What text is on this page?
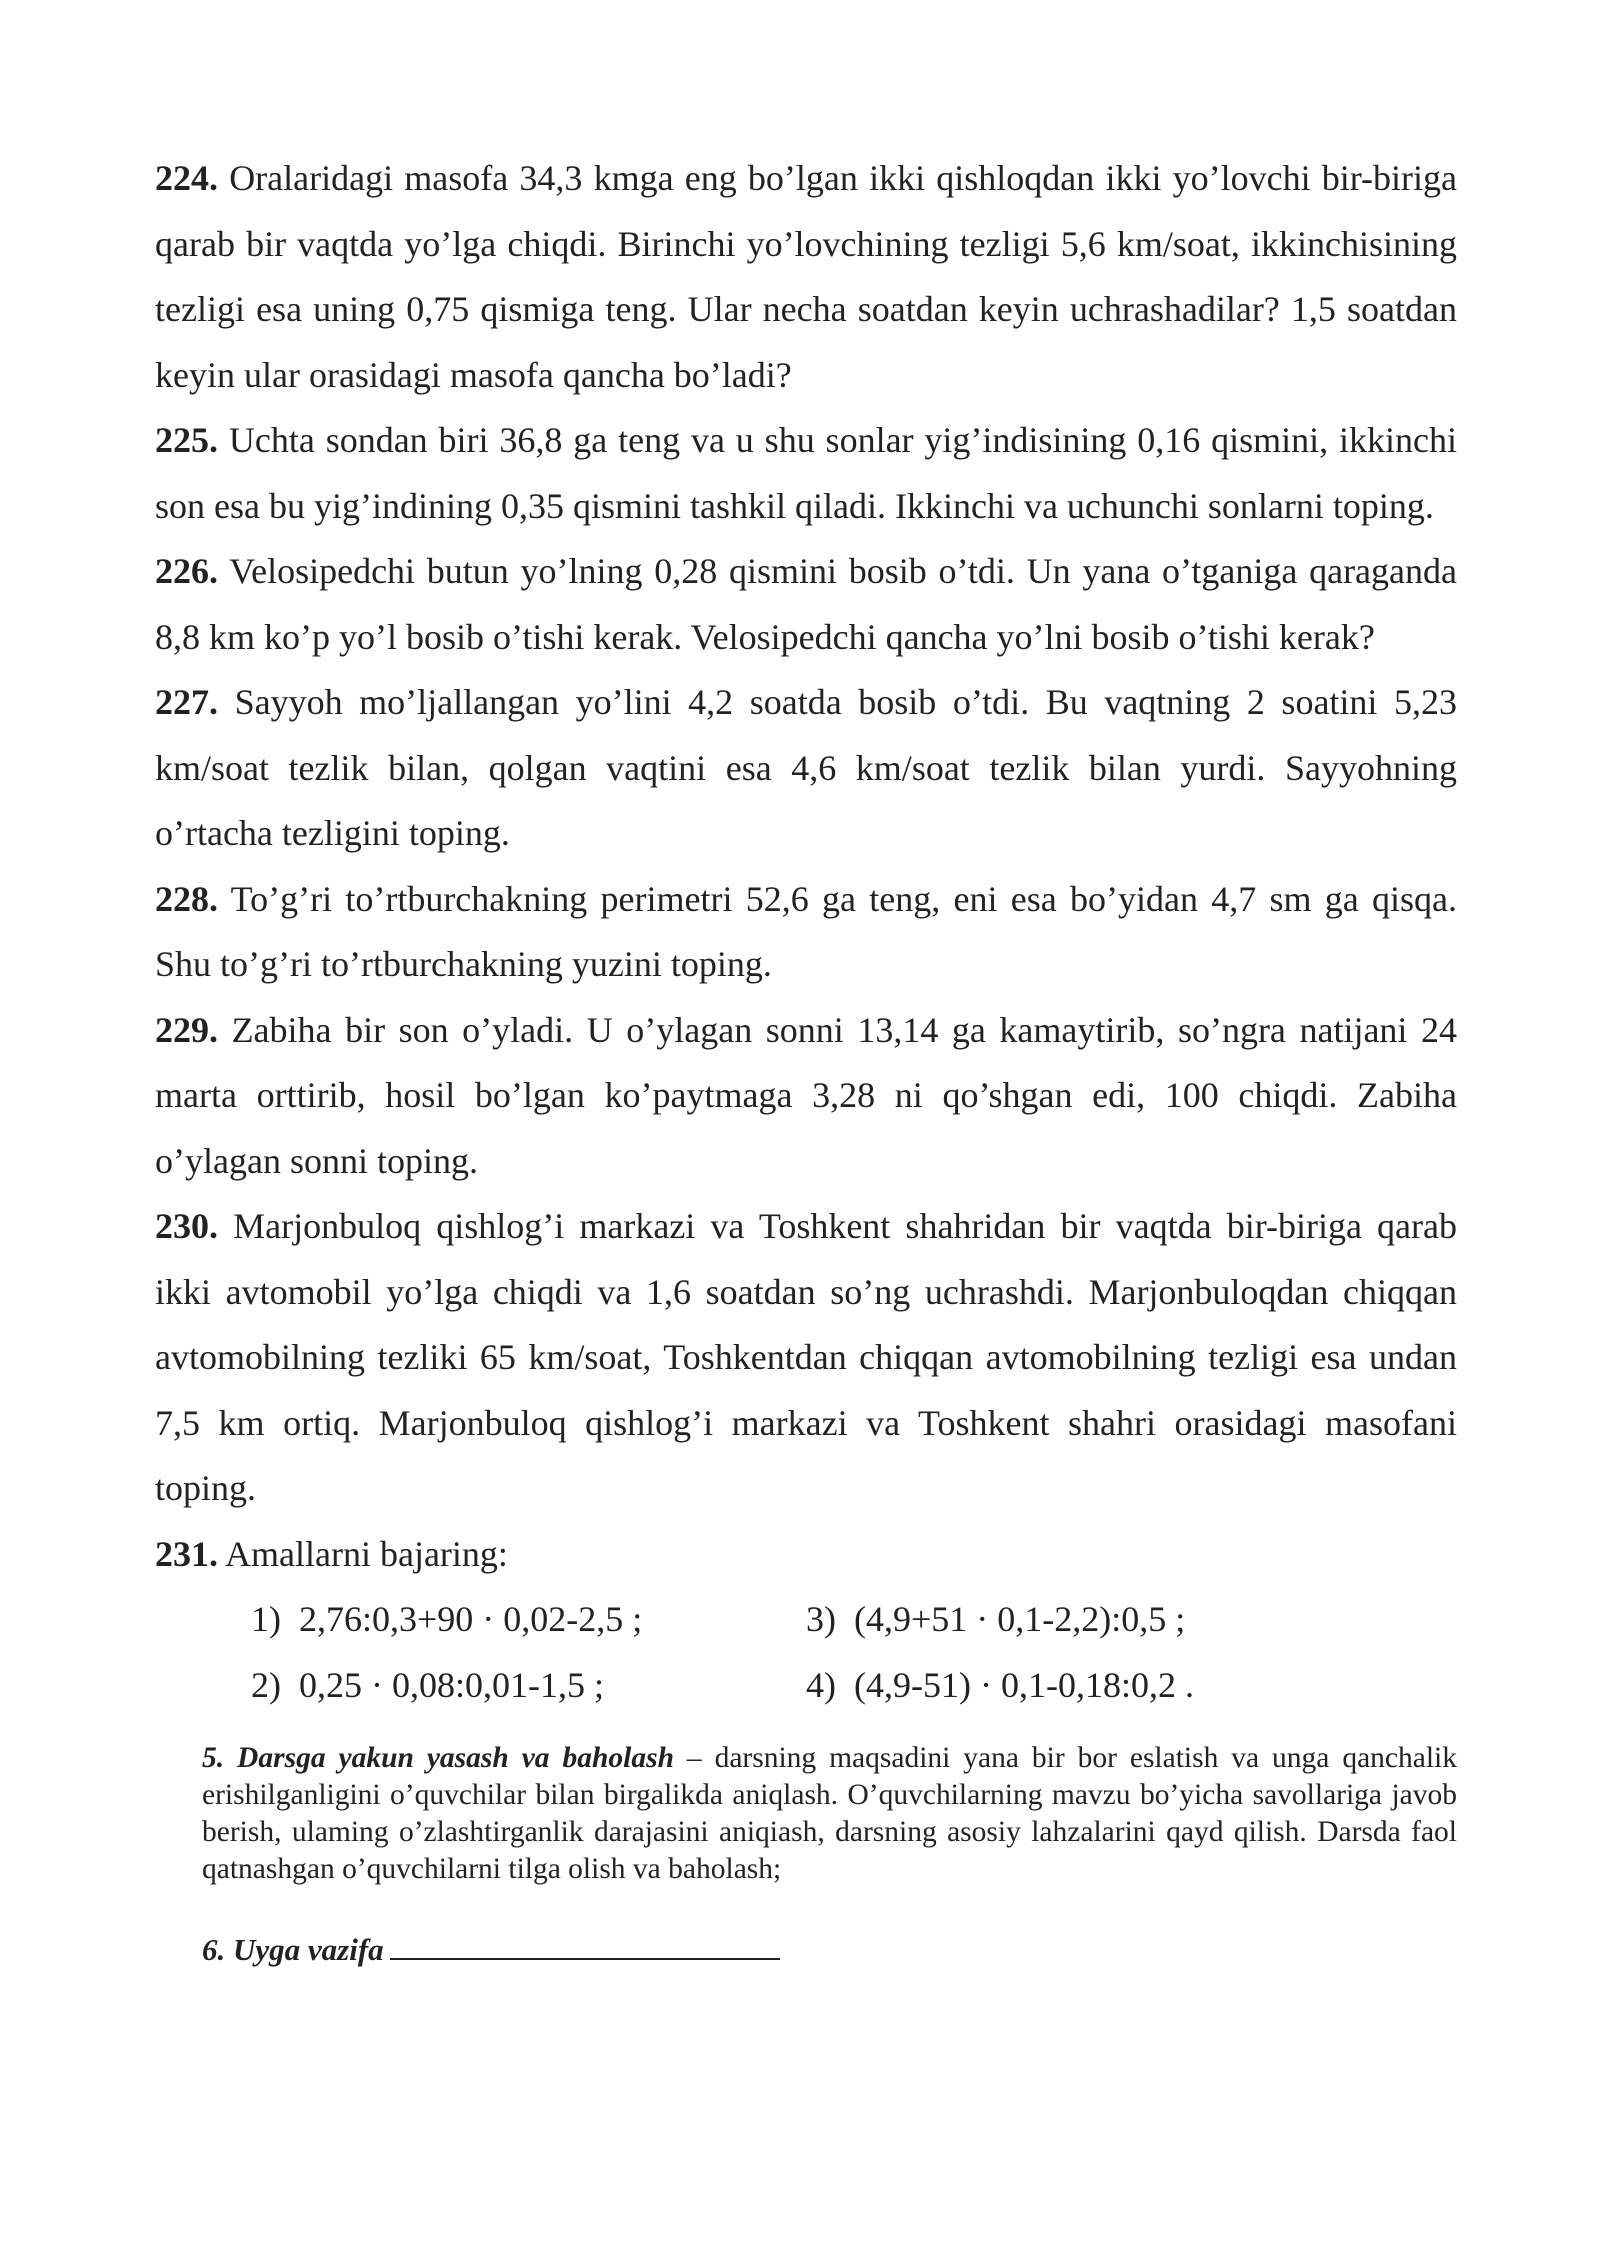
224. Oralaridagi masofa 34,3 kmga eng bo’lgan ikki qishloqdan ikki yo’lovchi bir-biriga qarab bir vaqtda yo’lga chiqdi. Birinchi yo’lovchining tezligi 5,6 km/soat, ikkinchisining tezligi esa uning 0,75 qismiga teng. Ular necha soatdan keyin uchrashadilar? 1,5 soatdan keyin ular orasidagi masofa qancha bo’ladi?

225. Uchta sondan biri 36,8 ga teng va u shu sonlar yig’indisining 0,16 qismini, ikkinchi son esa bu yig’indining 0,35 qismini tashkil qiladi. Ikkinchi va uchunchi sonlarni toping.

226. Velosipedchi butun yo’lning 0,28 qismini bosib o’tdi. Un yana o’tganiga qaraganda 8,8 km ko’p yo’l bosib o’tishi kerak. Velosipedchi qancha yo’lni bosib o’tishi kerak?

227. Sayyoh mo’ljallangan yo’lini 4,2 soatda bosib o’tdi. Bu vaqtning 2 soatini 5,23 km/soat tezlik bilan, qolgan vaqtini esa 4,6 km/soat tezlik bilan yurdi. Sayyohning o’rtacha tezligini toping.

228. To’g’ri to’rtburchakning perimetri 52,6 ga teng, eni esa bo’yidan 4,7 sm ga qisqa. Shu to’g’ri to’rtburchakning yuzini toping.

229. Zabiha bir son o’yladi. U o’ylagan sonni 13,14 ga kamaytirib, so’ngra natijani 24 marta orttirib, hosil bo’lgan ko’paytmaga 3,28 ni qo’shgan edi, 100 chiqdi. Zabiha o’ylagan sonni toping.

230. Marjonbuloq qishlog’i markazi va Toshkent shahridan bir vaqtda bir-biriga qarab ikki avtomobil yo’lga chiqdi va 1,6 soatdan so’ng uchrashdi. Marjonbuloqdan chiqqan avtomobilning tezliki 65 km/soat, Toshkentdan chiqqan avtomobilning tezligi esa undan 7,5 km ortiq. Marjonbuloq qishlog’i markazi va Toshkent shahri orasidagi masofani toping.

231. Amallarni bajaring:

1) 2,76:0,3+90 · 0,02-2,5 ;	3) (4,9+51 · 0,1-2,2):0,5 ;
2) 0,25 · 0,08:0,01-1,5 ;	4) (4,9-51) · 0,1-0,18:0,2 .
5. Darsga yakun yasash va baholash – darsning maqsadini yana bir bor eslatish va unga qanchalik erishilganligini o’quvchilar bilan birgalikda aniqlash. O’quvchilarning mavzu bo’yicha savollariga javob berish, ulaming o’zlashtirganlik darajasini aniqiash, darsning asosiy lahzalarini qayd qilish. Darsda faol qatnashgan o’quvchilarni tilga olish va baholash;
6. Uyga vazifa
